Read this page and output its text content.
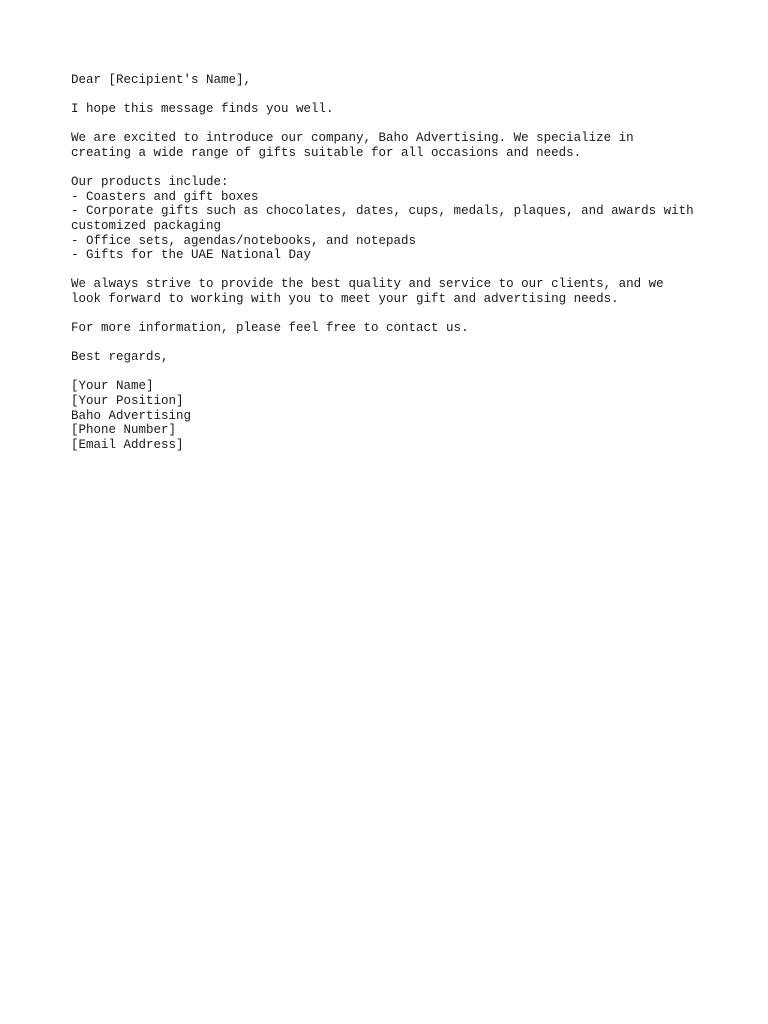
Dear [Recipient's Name],
I hope this message finds you well.
We are excited to introduce our company, Baho Advertising. We specialize in
creating a wide range of gifts suitable for all occasions and needs.
Our products include:
- Coasters and gift boxes
- Corporate gifts such as chocolates, dates, cups, medals, plaques, and awards with
customized packaging
- Office sets, agendas/notebooks, and notepads
- Gifts for the UAE National Day
We always strive to provide the best quality and service to our clients, and we
look forward to working with you to meet your gift and advertising needs.
For more information, please feel free to contact us.
Best regards,
[Your Name]
[Your Position]
Baho Advertising
[Phone Number]
[Email Address]
